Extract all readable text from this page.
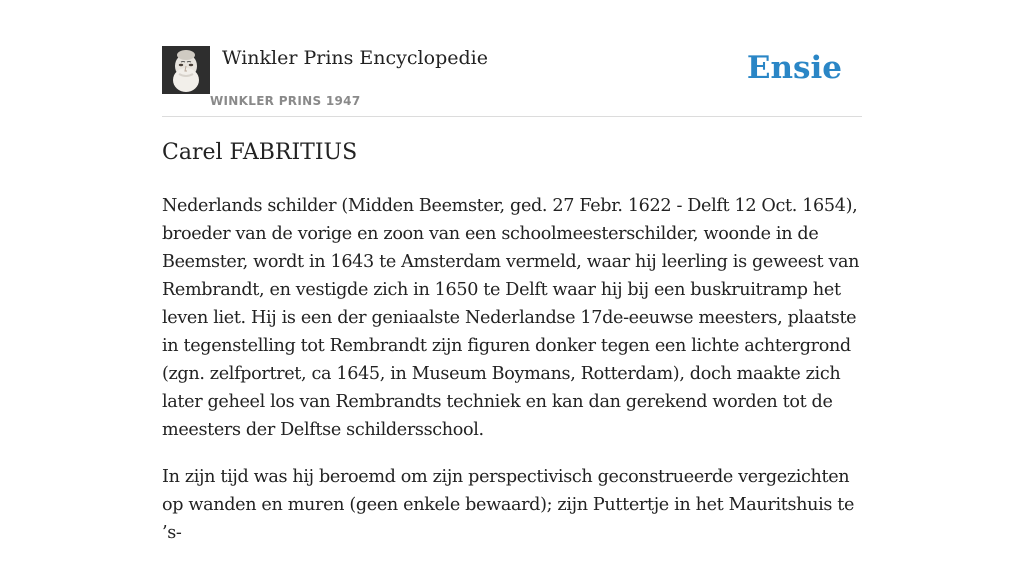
Winkler Prins Encyclopedie
WINKLER PRINS 1947
Ensie
Carel FABRITIUS

Nederlands schilder (Midden Beemster, ged. 27 Febr. 1622 - Delft 12 Oct. 1654), broeder van de vorige en zoon van een schoolmeesterschilder, woonde in de Beemster, wordt in 1643 te Amsterdam vermeld, waar hij leerling is geweest van Rembrandt, en vestigde zich in 1650 te Delft waar hij bij een buskruitramp het leven liet. Hij is een der geniaalste Nederlandse 17de-eeuwse meesters, plaatste in tegenstelling tot Rembrandt zijn figuren donker tegen een lichte achtergrond (zgn. zelfportret, ca 1645, in Museum Boymans, Rotterdam), doch maakte zich later geheel los van Rembrandts techniek en kan dan gerekend worden tot de meesters der Delftse schildersschool.

In zijn tijd was hij beroemd om zijn perspectivisch geconstrueerde vergezichten op wanden en muren (geen enkele bewaard); zijn Puttertje in het Mauritshuis te ’s-
